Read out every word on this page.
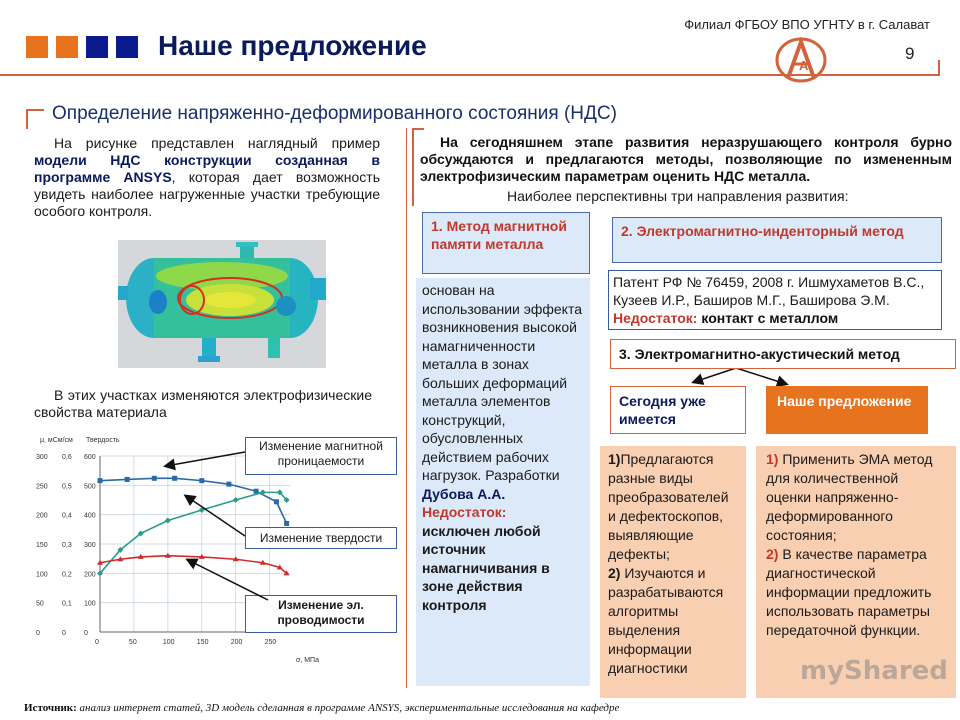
Наше предложение
Филиал ФГБОУ ВПО УГНТУ в г. Салават
А
9
Определение напряженно-деформированного состояния (НДС)
На рисунке представлен наглядный пример модели НДС конструкции созданная в программе ANSYS, которая дает возможность увидеть наиболее нагруженные участки требующие особого контроля.
В этих участках изменяются электрофизические свойства материала
0	0	0
50	0,1 100
100 0,2 200
150 0,3 300
200 0,4 400
250 0,5 500
300 0,6 600
0	50	100	150	200	250
μ, мСм/см Твердость
σ, МПа
Изменение магнитной проницаемости
Изменение твердости
Изменение эл. проводимости
На сегодняшнем этапе развития неразрушающего контроля бурно обсуждаются и предлагаются методы, позволяющие по измененным электрофизическим параметрам оценить НДС металла.
Наиболее перспективны три направления развития:
1. Метод магнитной памяти металла
основан на использовании эффекта возникновения высокой намагниченности металла в зонах больших деформаций металла элементов конструкций, обусловленных действием рабочих нагрузок. Разработки Дубова А.А.
Недостаток:
исключен любой источник намагничивания в зоне действия контроля
2. Электромагнитно-инденторный метод
Патент РФ № 76459, 2008 г. Ишмухаметов В.С., Кузеев И.Р., Баширов М.Г., Баширова Э.М. Недостаток: контакт с металлом
3. Электромагнитно-акустический метод
Сегодня уже имеется
Наше предложение
1)Предлагаются разные виды преобразователей и дефектоскопов, выявляющие дефекты;
2) Изучаются и разрабатываются алгоритмы выделения информации диагностики
1) Применить ЭМА метод для количественной оценки напряженно-деформированного состояния;
2) В качестве параметра диагностической информации предложить использовать параметры передаточной функции.
myShared
Источник: анализ интернет статей, 3D модель сделанная в программе ANSYS, экспериментальные исследования на кафедре
